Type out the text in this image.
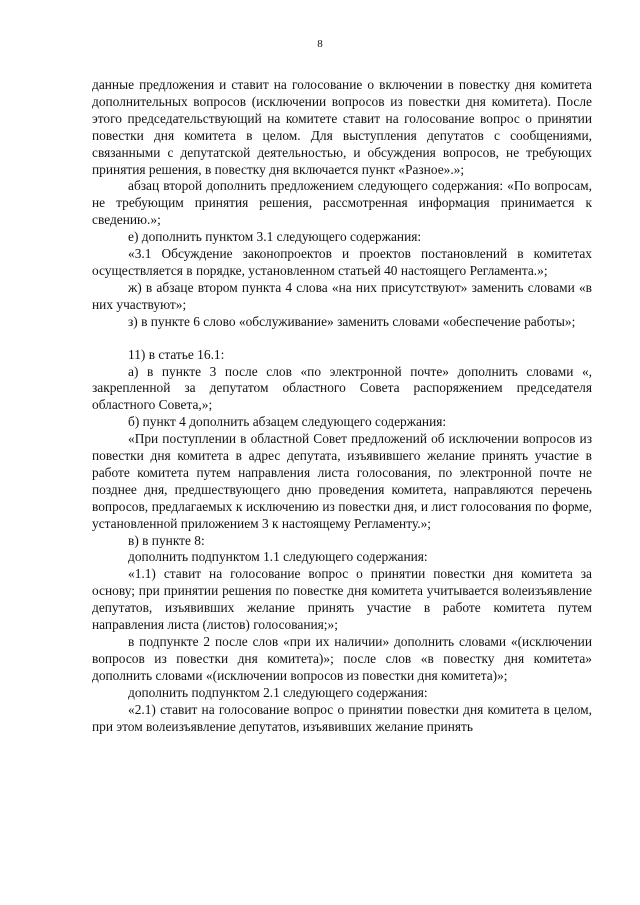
8

данные предложения и ставит на голосование о включении в повестку дня комитета дополнительных вопросов (исключении вопросов из повестки дня комитета). После этого председательствующий на комитете ставит на голосование вопрос о принятии повестки дня комитета в целом. Для выступления депутатов с сообщениями, связанными с депутатской деятельностью, и обсуждения вопросов, не требующих принятия решения, в повестку дня включается пункт «Разное».»;

абзац второй дополнить предложением следующего содержания: «По вопросам, не требующим принятия решения, рассмотренная информация принимается к сведению.»;

е) дополнить пунктом 3.1 следующего содержания:

«3.1 Обсуждение законопроектов и проектов постановлений в комитетах осуществляется в порядке, установленном статьей 40 настоящего Регламента.»;

ж) в абзаце втором пункта 4 слова «на них присутствуют» заменить словами «в них участвуют»;

з) в пункте 6 слово «обслуживание» заменить словами «обеспечение работы»;

11) в статье 16.1:

а) в пункте 3 после слов «по электронной почте» дополнить словами «, закрепленной за депутатом областного Совета распоряжением председателя областного Совета,»;

б) пункт 4 дополнить абзацем следующего содержания:

«При поступлении в областной Совет предложений об исключении вопросов из повестки дня комитета в адрес депутата, изъявившего желание принять участие в работе комитета путем направления листа голосования, по электронной почте не позднее дня, предшествующего дню проведения комитета, направляются перечень вопросов, предлагаемых к исключению из повестки дня, и лист голосования по форме, установленной приложением 3 к настоящему Регламенту.»;

в) в пункте 8:

дополнить подпунктом 1.1 следующего содержания:

«1.1) ставит на голосование вопрос о принятии повестки дня комитета за основу; при принятии решения по повестке дня комитета учитывается волеизъявление депутатов, изъявивших желание принять участие в работе комитета путем направления листа (листов) голосования;»;

в подпункте 2 после слов «при их наличии» дополнить словами «(исключении вопросов из повестки дня комитета)»; после слов «в повестку дня комитета» дополнить словами «(исключении вопросов из повестки дня комитета)»;

дополнить подпунктом 2.1 следующего содержания:

«2.1) ставит на голосование вопрос о принятии повестки дня комитета в целом, при этом волеизъявление депутатов, изъявивших желание принять
